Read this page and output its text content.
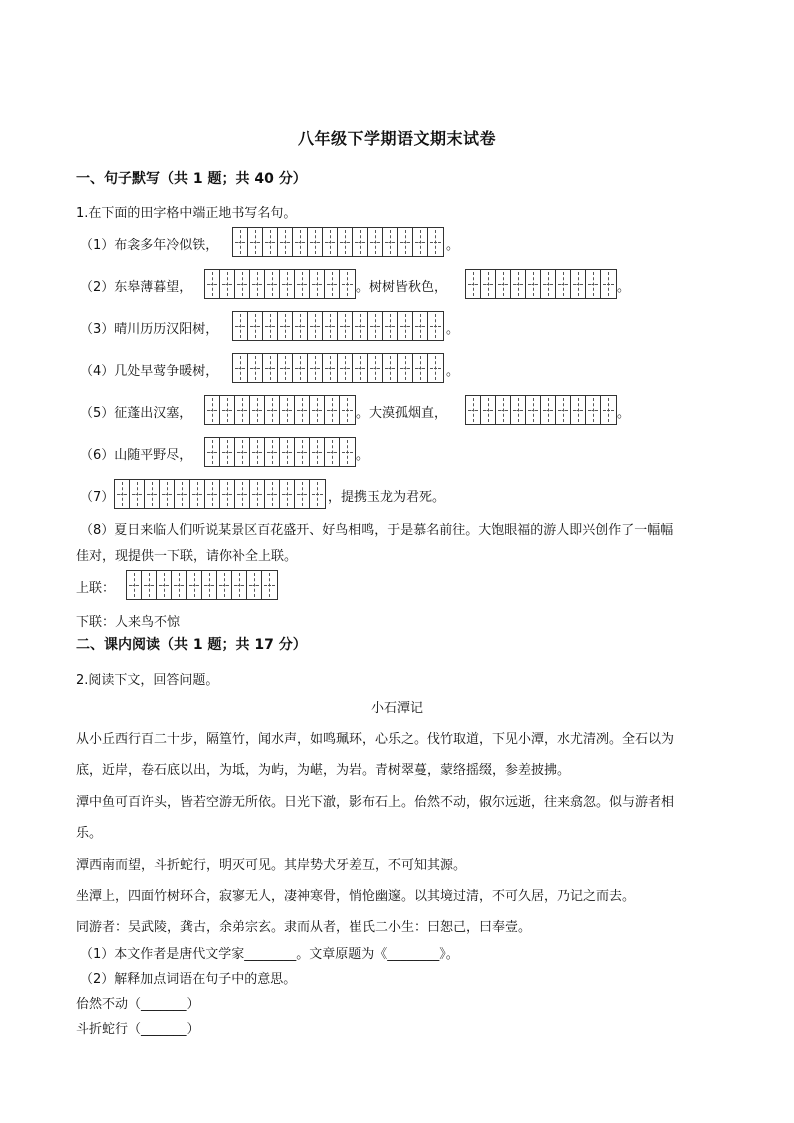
八年级下学期语文期末试卷
一、句子默写（共 1 题；共 40 分）
1.在下面的田字格中端正地书写名句。
（1）布衾多年冷似铁，	。
（2）东皋薄暮望，	。树树皆秋色，	。
（3）晴川历历汉阳树，	。
（4）几处早莺争暖树，	。
（5）征蓬出汉塞，	。大漠孤烟直，	。
（6）山随平野尽，	。
（7）	，提携玉龙为君死。
（8）夏日来临人们听说某景区百花盛开、好鸟相鸣，于是慕名前往。大饱眼福的游人即兴创作了一幅幅
佳对，现提供一下联，请你补全上联。
上联：
下联：人来鸟不惊
二、课内阅读（共 1 题；共 17 分）
2.阅读下文，回答问题。
小石潭记
从小丘西行百二十步，隔篁竹，闻水声，如鸣珮环，心乐之。伐竹取道，下见小潭，水尤清冽。全石以为
底，近岸，卷石底以出，为坻，为屿，为嵁，为岩。青树翠蔓，蒙络摇缀，参差披拂。
潭中鱼可百许头，皆若空游无所依。日光下澈，影布石上。佁然不动，俶尔远逝，往来翕忽。似与游者相
乐。
潭西南而望，斗折蛇行，明灭可见。其岸势犬牙差互，不可知其源。
坐潭上，四面竹树环合，寂寥无人，凄神寒骨，悄怆幽邃。以其境过清，不可久居，乃记之而去。
同游者：吴武陵，龚古，余弟宗玄。隶而从者，崔氏二小生：曰恕己，曰奉壹。
（1）本文作者是唐代文学家________。文章原题为《________》。
（2）解释加点词语在句子中的意思。
佁然不动（_______）
斗折蛇行（_______）
